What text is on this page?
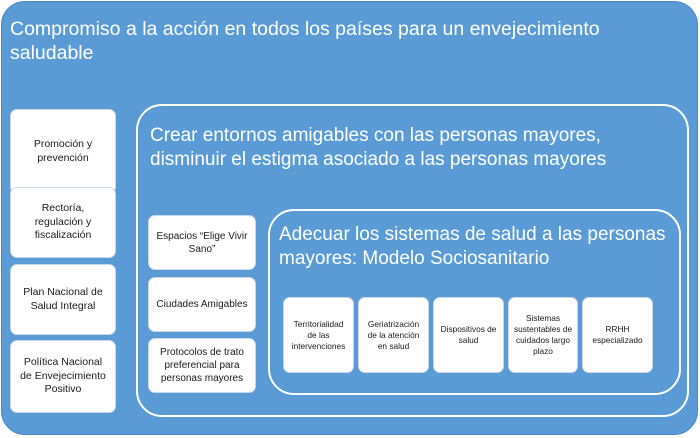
Compromiso a la acción en todos los países para un envejecimiento saludable
Promoción y prevención
Rectoría, regulación y fiscalización
Plan Nacional de Salud Integral
Política Nacional de Envejecimiento Positivo
Crear entornos amigables con las personas mayores, disminuir el estigma asociado a las personas mayores
Espacios “Elige Vivir Sano”
Ciudades Amigables
Protocolos de trato preferencial para personas mayores
Adecuar los sistemas de salud a las personas mayores: Modelo Sociosanitario
Territorialidad de las intervenciones
Geriatrización de la atención en salud
Dispositivos de salud
Sistemas sustentables de cuidados largo plazo
RRHH especializado
